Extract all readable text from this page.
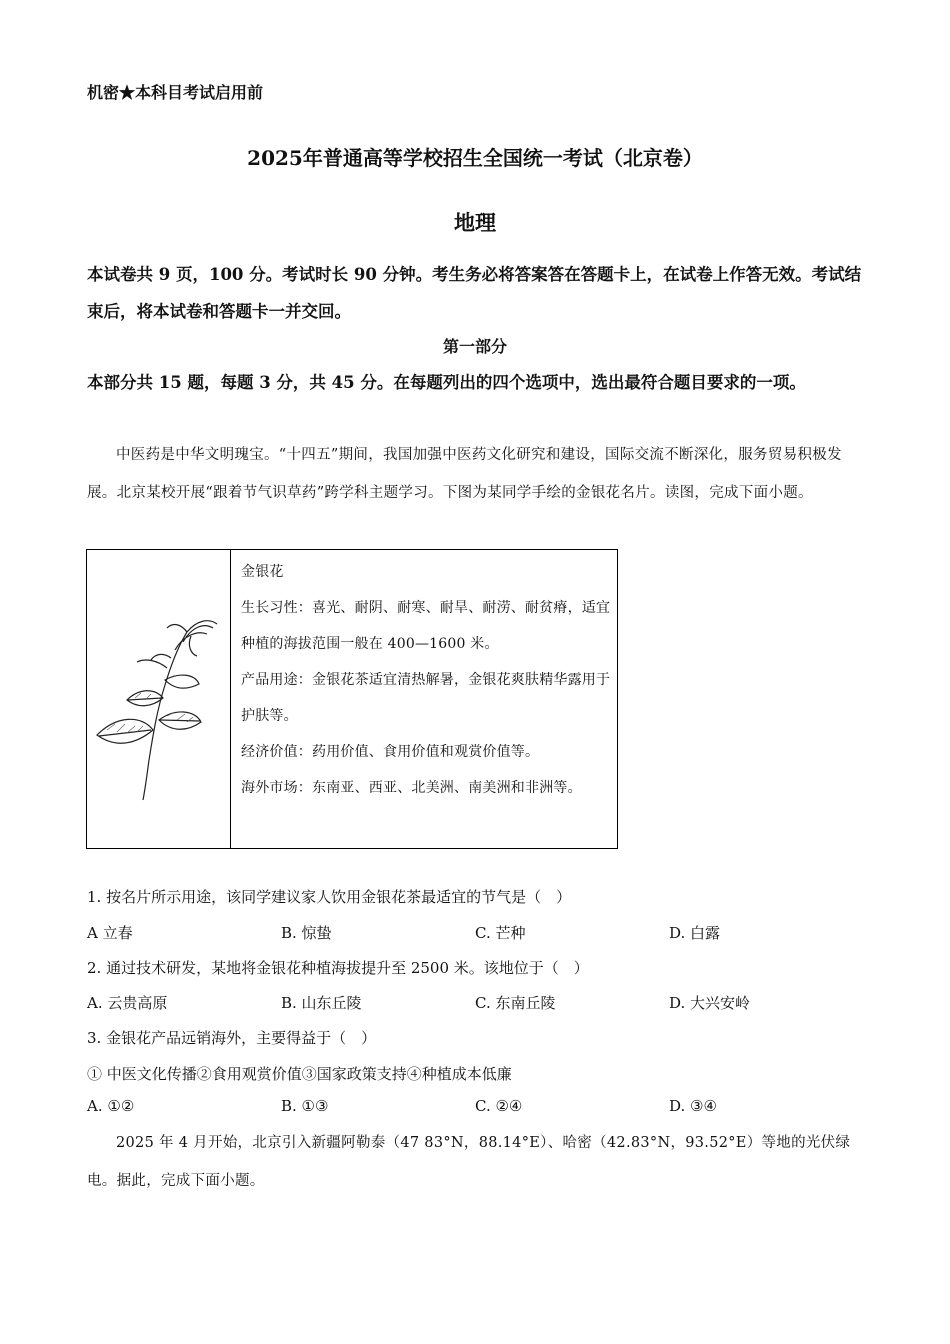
机密★本科目考试启用前
2025年普通高等学校招生全国统一考试（北京卷）
地理
本试卷共 9 页，100 分。考试时长 90 分钟。考生务必将答案答在答题卡上，在试卷上作答无效。考试结束后，将本试卷和答题卡一并交回。
第一部分
本部分共 15 题，每题 3 分，共 45 分。在每题列出的四个选项中，选出最符合题目要求的一项。
中医药是中华文明瑰宝。“十四五”期间，我国加强中医药文化研究和建设，国际交流不断深化，服务贸易积极发展。北京某校开展“跟着节气识草药”跨学科主题学习。下图为某同学手绘的金银花名片。读图，完成下面小题。
金银花
生长习性：喜光、耐阴、耐寒、耐旱、耐涝、耐贫瘠，适宜种植的海拔范围一般在 400—1600 米。
产品用途：金银花茶适宜清热解暑，金银花爽肤精华露用于护肤等。
经济价值：药用价值、食用价值和观赏价值等。
海外市场：东南亚、西亚、北美洲、南美洲和非洲等。
1. 按名片所示用途，该同学建议家人饮用金银花茶最适宜的节气是（　）
A 立春	B. 惊蛰	C. 芒种	D. 白露
2. 通过技术研发，某地将金银花种植海拔提升至 2500 米。该地位于（　）
A. 云贵高原	B. 山东丘陵	C. 东南丘陵	D. 大兴安岭
3. 金银花产品远销海外，主要得益于（　）
① 中医文化传播②食用观赏价值③国家政策支持④种植成本低廉
A. ①②	B. ①③	C. ②④	D. ③④
2025 年 4 月开始，北京引入新疆阿勒泰（47 83°N，88.14°E）、哈密（42.83°N，93.52°E）等地的光伏绿电。据此，完成下面小题。
